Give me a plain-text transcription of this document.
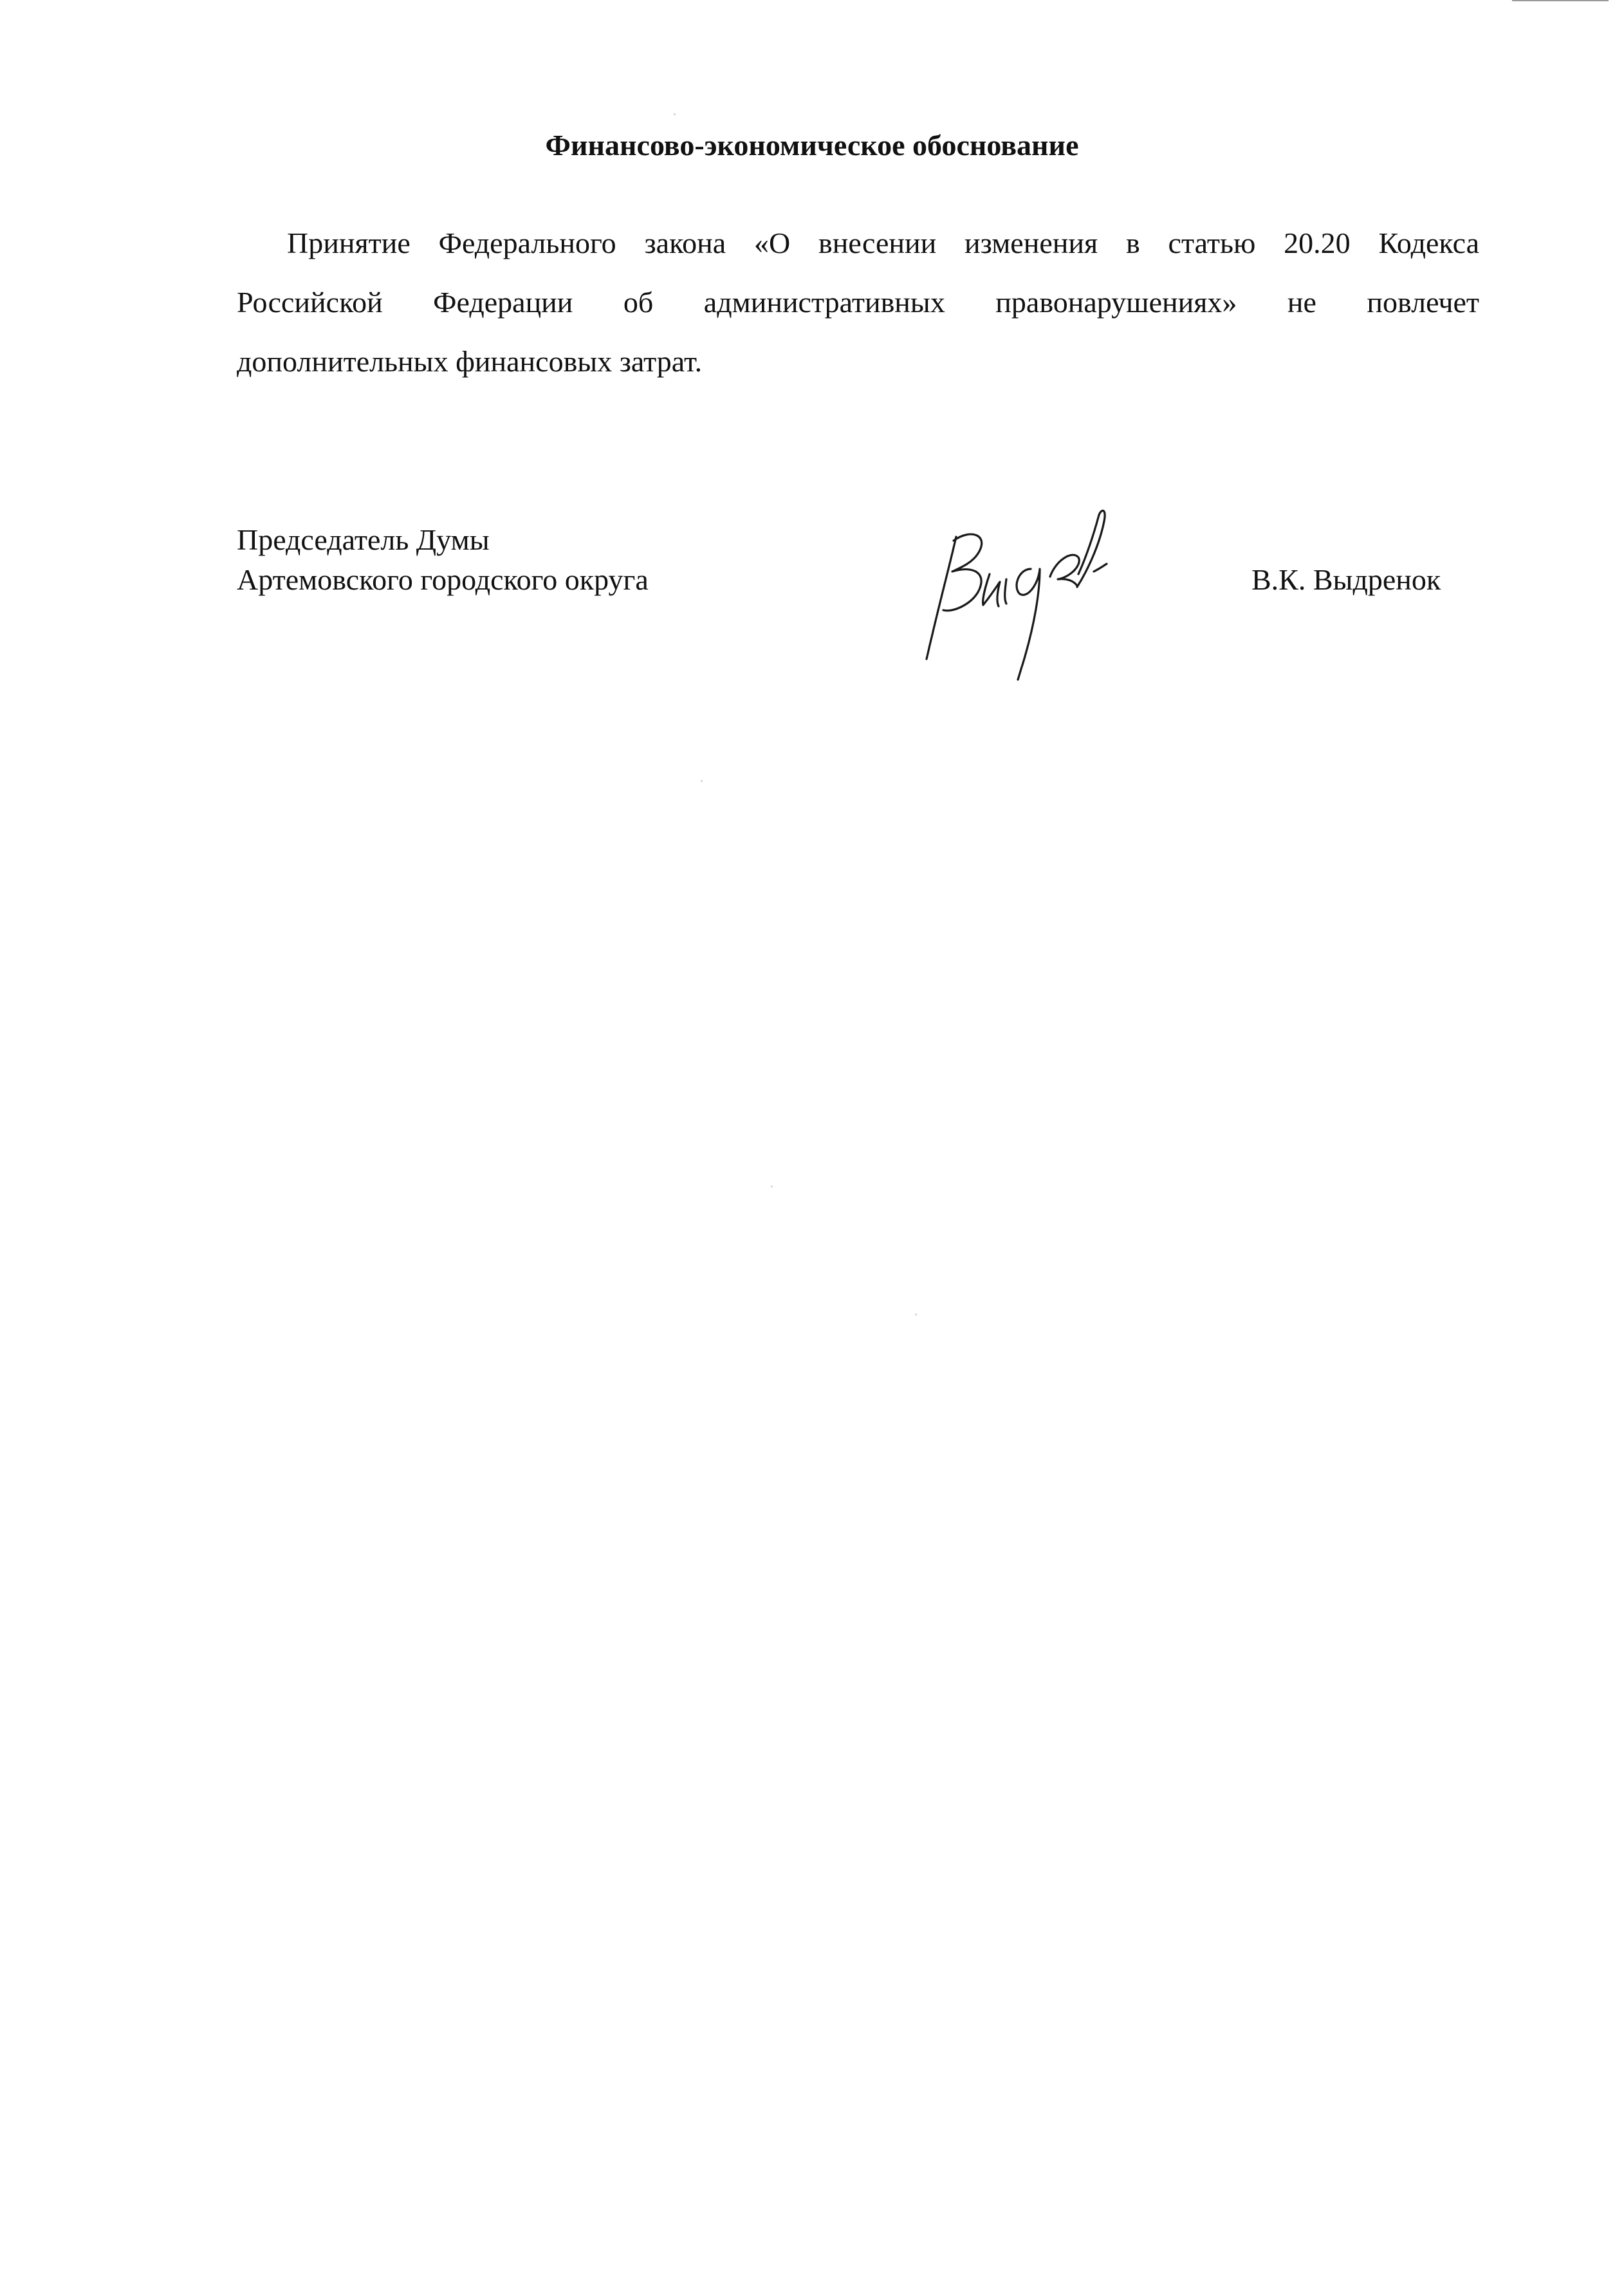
Финансово-экономическое обоснование
Принятие Федерального закона «О внесении изменения в статью 20.20 Кодекса
Российской Федерации об административных правонарушениях» не повлечет
дополнительных финансовых затрат.
Председатель Думы
Артемовского городского округа	В.К. Выдренок
